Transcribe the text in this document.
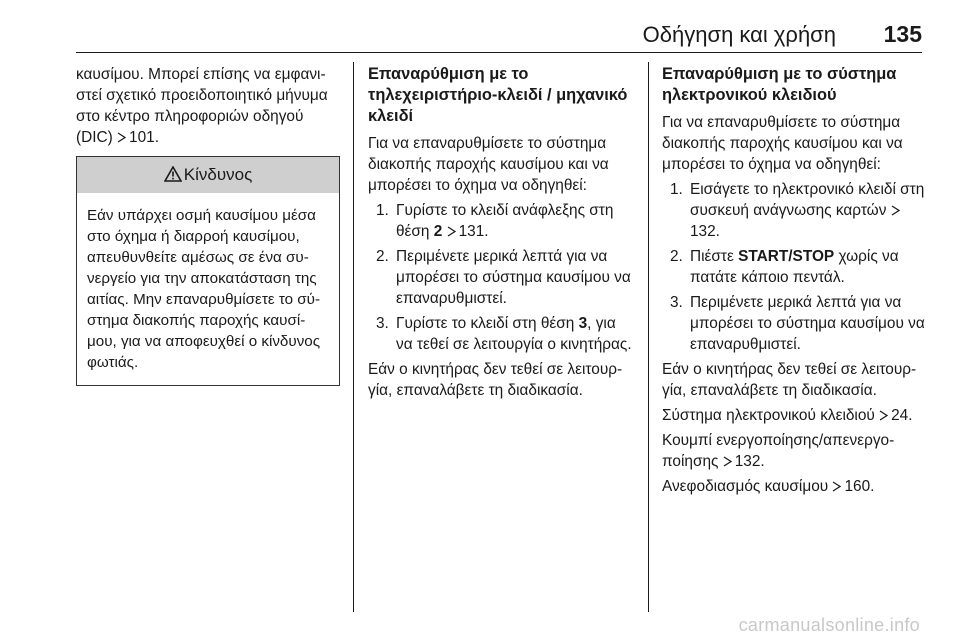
Οδήγηση και χρήση 135

καυσίμου. Μπορεί επίσης να εμφανιστεί σχετικό προειδοποιητικό μήνυμα στο κέντρο πληροφοριών οδηγού (DIC) 101.

Κίνδυνος
Εάν υπάρχει οσμή καυσίμου μέσα στο όχημα ή διαρροή καυσίμου, απευθυνθείτε αμέσως σε ένα συνεργείο για την αποκατάσταση της αιτίας. Μην επαναρυθμίσετε το σύστημα διακοπής παροχής καυσίμου, για να αποφευχθεί ο κίνδυνος φωτιάς.
Επαναρύθμιση με το τηλεχειριστήριο-κλειδί / μηχανικό κλειδί

Για να επαναρυθμίσετε το σύστημα διακοπής παροχής καυσίμου και να μπορέσει το όχημα να οδηγηθεί:

1. Γυρίστε το κλειδί ανάφλεξης στη θέση 2 131.
2. Περιμένετε μερικά λεπτά για να μπορέσει το σύστημα καυσίμου να επαναρυθμιστεί.
3. Γυρίστε το κλειδί στη θέση 3, για να τεθεί σε λειτουργία ο κινητήρας.

Εάν ο κινητήρας δεν τεθεί σε λειτουργία, επαναλάβετε τη διαδικασία.

Επαναρύθμιση με το σύστημα ηλεκτρονικού κλειδιού

Για να επαναρυθμίσετε το σύστημα διακοπής παροχής καυσίμου και να μπορέσει το όχημα να οδηγηθεί:

1. Εισάγετε το ηλεκτρονικό κλειδί στη συσκευή ανάγνωσης καρτών 132.
2. Πιέστε START/STOP χωρίς να πατάτε κάποιο πεντάλ.
3. Περιμένετε μερικά λεπτά για να μπορέσει το σύστημα καυσίμου να επαναρυθμιστεί.

Εάν ο κινητήρας δεν τεθεί σε λειτουργία, επαναλάβετε τη διαδικασία.

Σύστημα ηλεκτρονικού κλειδιού 24.

Κουμπί ενεργοποίησης/απενεργοποίησης 132.

Ανεφοδιασμός καυσίμου 160.

carmanualsonline.info
